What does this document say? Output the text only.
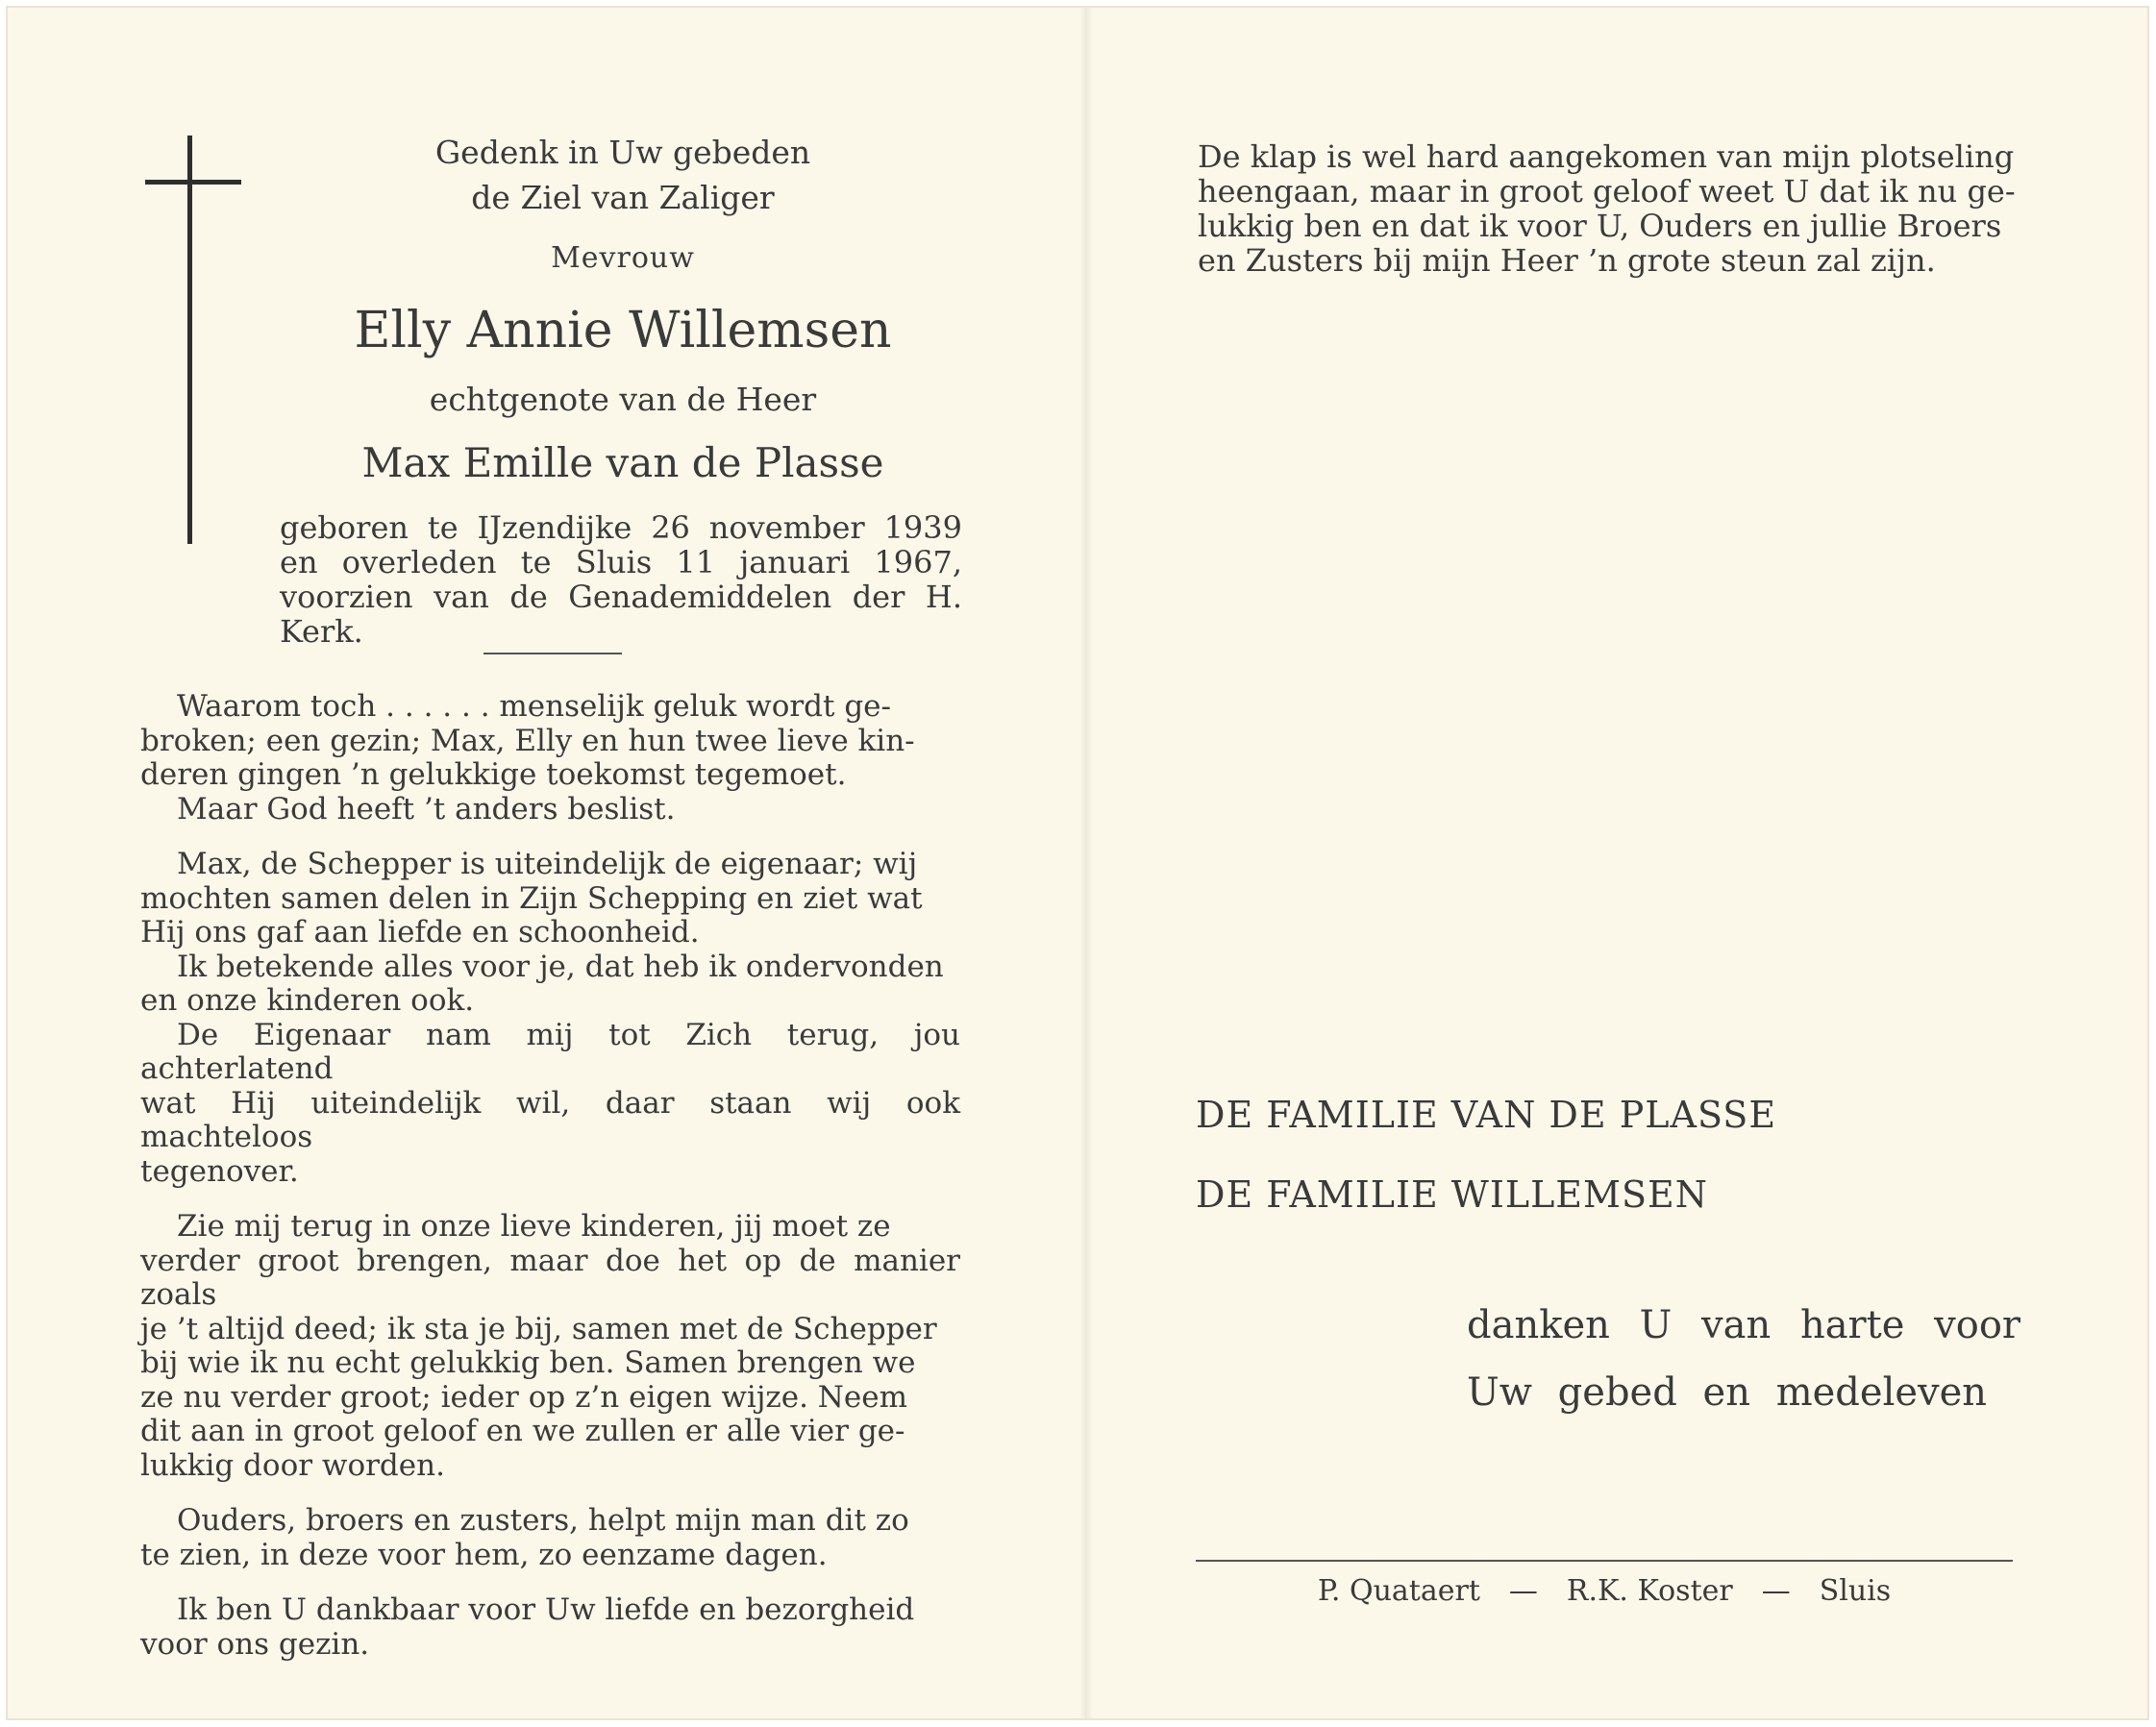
Gedenk in Uw gebeden
de Ziel van Zaliger
Mevrouw
Elly Annie Willemsen
echtgenote van de Heer
Max Emille van de Plasse
geboren te IJzendijke 26 november 1939 en overleden te Sluis 11 januari 1967, voorzien van de Genademiddelen der H. Kerk.

Waarom toch . . . . . . menselijk geluk wordt ge-
broken; een gezin; Max, Elly en hun twee lieve kin-
deren gingen ’n gelukkige toekomst tegemoet.
Maar God heeft ’t anders beslist.

Max, de Schepper is uiteindelijk de eigenaar; wij
mochten samen delen in Zijn Schepping en ziet wat
Hij ons gaf aan liefde en schoonheid.
Ik betekende alles voor je, dat heb ik ondervonden
en onze kinderen ook.
De Eigenaar nam mij tot Zich terug, jou achterlatend
wat Hij uiteindelijk wil, daar staan wij ook machteloos
tegenover.

Zie mij terug in onze lieve kinderen, jij moet ze
verder groot brengen, maar doe het op de manier zoals
je ’t altijd deed; ik sta je bij, samen met de Schepper
bij wie ik nu echt gelukkig ben. Samen brengen we
ze nu verder groot; ieder op z’n eigen wijze. Neem
dit aan in groot geloof en we zullen er alle vier ge-
lukkig door worden.

Ouders, broers en zusters, helpt mijn man dit zo
te zien, in deze voor hem, zo eenzame dagen.

Ik ben U dankbaar voor Uw liefde en bezorgheid
voor ons gezin.

De klap is wel hard aangekomen van mijn plotseling
heengaan, maar in groot geloof weet U dat ik nu ge-
lukkig ben en dat ik voor U, Ouders en jullie Broers
en Zusters bij mijn Heer ’n grote steun zal zijn.
DE FAMILIE VAN DE PLASSE
DE FAMILIE WILLEMSEN
danken U van harte voor
Uw gebed en medeleven
P. Quataert — R.K. Koster — Sluis
